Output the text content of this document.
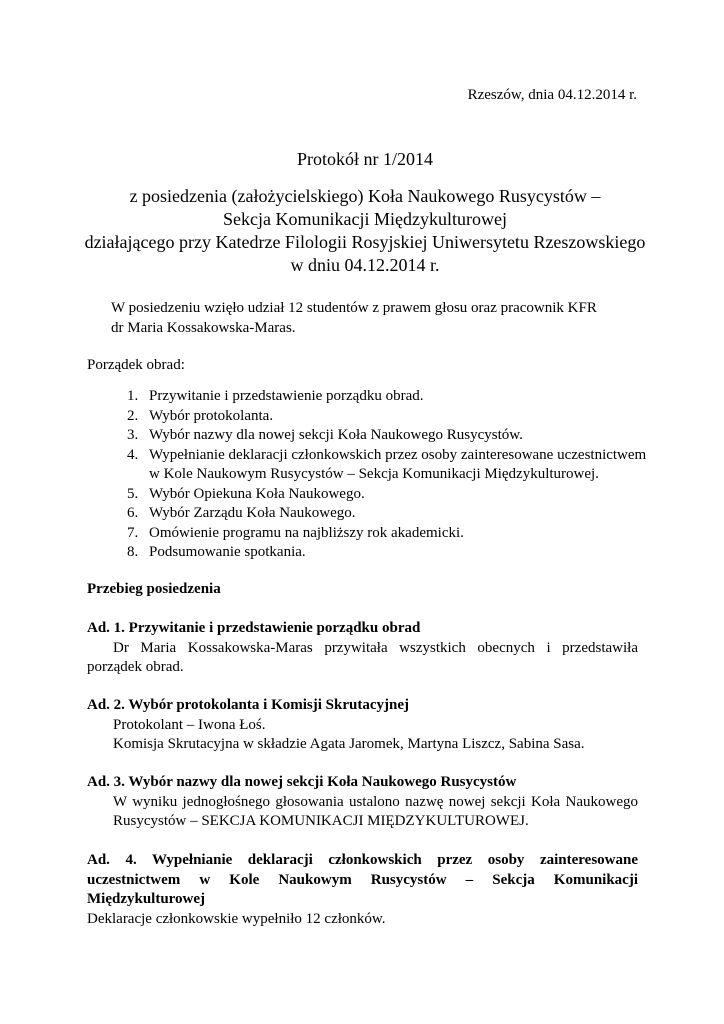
Rzeszów, dnia 04.12.2014 r.
Protokół nr 1/2014
z posiedzenia (założycielskiego) Koła Naukowego Rusycystów –
Sekcja Komunikacji Międzykulturowej
działającego przy Katedrze Filologii Rosyjskiej Uniwersytetu Rzeszowskiego
w dniu 04.12.2014 r.
W posiedzeniu wzięło udział 12 studentów z prawem głosu oraz pracownik KFR
dr Maria Kossakowska-Maras.
Porządek obrad:
1. Przywitanie i przedstawienie porządku obrad.
2. Wybór protokolanta.
3. Wybór nazwy dla nowej sekcji Koła Naukowego Rusycystów.
4. Wypełnianie deklaracji członkowskich przez osoby zainteresowane uczestnictwem
w Kole Naukowym Rusycystów – Sekcja Komunikacji Międzykulturowej.
5. Wybór Opiekuna Koła Naukowego.
6. Wybór Zarządu Koła Naukowego.
7. Omówienie programu na najbliższy rok akademicki.
8. Podsumowanie spotkania.
Przebieg posiedzenia
Ad. 1. Przywitanie i przedstawienie porządku obrad
Dr Maria Kossakowska-Maras przywitała wszystkich obecnych i przedstawiła porządek obrad.
Ad. 2. Wybór protokolanta i Komisji Skrutacyjnej
Protokolant – Iwona Łoś.
Komisja Skrutacyjna w składzie Agata Jaromek, Martyna Liszcz, Sabina Sasa.
Ad. 3. Wybór nazwy dla nowej sekcji Koła Naukowego Rusycystów
W wyniku jednogłośnego głosowania ustalono nazwę nowej sekcji Koła Naukowego Rusycystów – SEKCJA KOMUNIKACJI MIĘDZYKULTUROWEJ.
Ad. 4. Wypełnianie deklaracji członkowskich przez osoby zainteresowane uczestnictwem w Kole Naukowym Rusycystów – Sekcja Komunikacji Międzykulturowej
Deklaracje członkowskie wypełniło 12 członków.
